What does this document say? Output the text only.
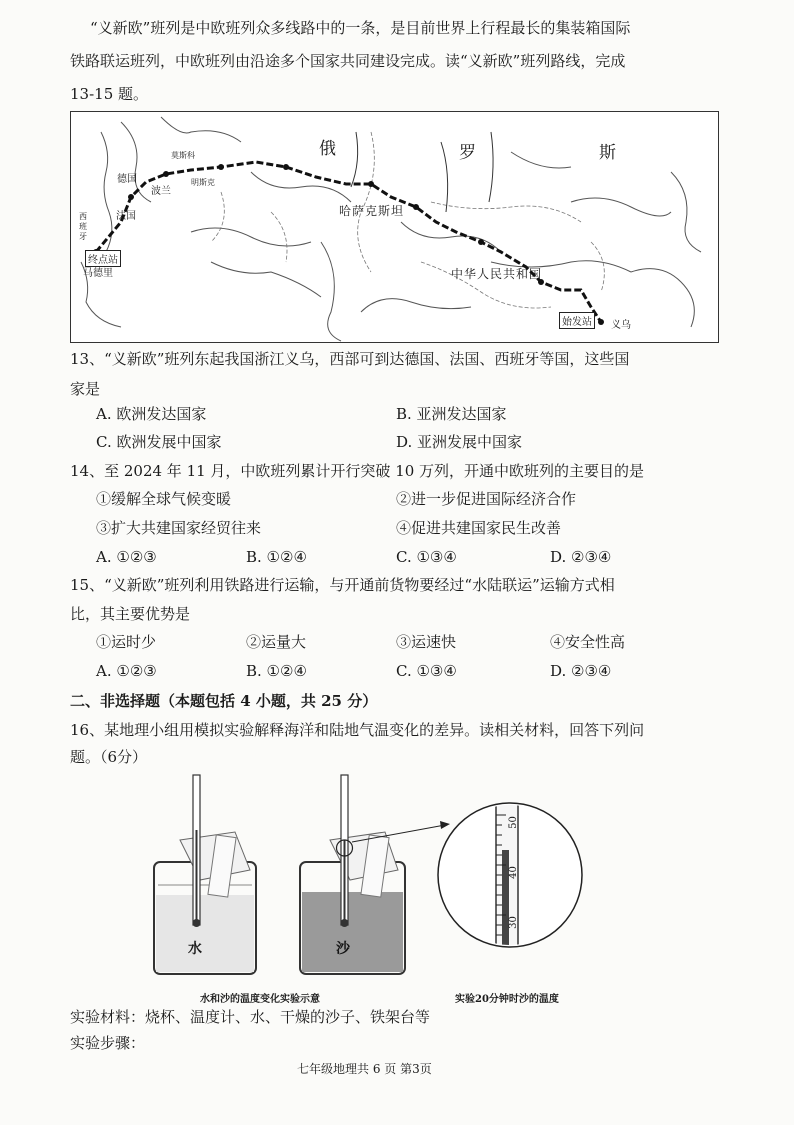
“义新欧”班列是中欧班列众多线路中的一条，是目前世界上行程最长的集装箱国际
铁路联运班列，中欧班列由沿途多个国家共同建设完成。读“义新欧”班列路线，完成
13-15 题。
俄	罗	斯
哈萨克斯坦
中华人民共和国
德国
波兰
法国
莫斯科
明斯克
西
班
牙
终点站
马德里
始发站	义乌
13、“义新欧”班列东起我国浙江义乌，西部可到达德国、法国、西班牙等国，这些国
家是
A. 欧洲发达国家	B. 亚洲发达国家
C. 欧洲发展中国家	D. 亚洲发展中国家
14、至 2024 年 11 月，中欧班列累计开行突破 10 万列，开通中欧班列的主要目的是
①缓解全球气候变暖	②进一步促进国际经济合作
③扩大共建国家经贸往来	④促进共建国家民生改善
A. ①②③	B. ①②④	C. ①③④	D. ②③④
15、“义新欧”班列利用铁路进行运输，与开通前货物要经过“水陆联运”运输方式相
比，其主要优势是
①运时少	②运量大	③运速快	④安全性高
A. ①②③	B. ①②④	C. ①③④	D. ②③④
二、非选择题（本题包括 4 小题，共 25 分）
16、某地理小组用模拟实验解释海洋和陆地气温变化的差异。读相关材料，回答下列问
题。（6分）
水	沙
50
40
30
水和沙的温度变化实验示意	实验20分钟时沙的温度
实验材料：烧杯、温度计、水、干燥的沙子、铁架台等
实验步骤：
七年级地理共 6 页 第3页
